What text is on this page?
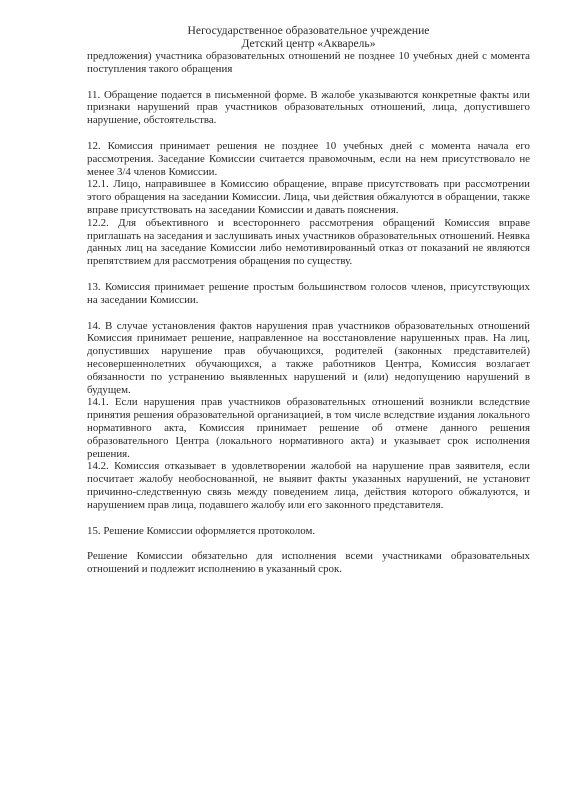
Негосударственное образовательное учреждение
Детский центр «Акварель»

предложения) участника образовательных отношений не позднее 10 учебных дней с момента поступления такого обращения

11. Обращение подается в письменной форме. В жалобе указываются конкретные факты или признаки нарушений прав участников образовательных отношений, лица, допустившего нарушение, обстоятельства.

12. Комиссия принимает решения не позднее 10 учебных дней с момента начала его рассмотрения. Заседание Комиссии считается правомочным, если на нем присутствовало не менее 3/4 членов Комиссии.

12.1. Лицо, направившее в Комиссию обращение, вправе присутствовать при рассмотрении этого обращения на заседании Комиссии. Лица, чьи действия обжалуются в обращении, также вправе присутствовать на заседании Комиссии и давать пояснения.

12.2. Для объективного и всестороннего рассмотрения обращений Комиссия вправе приглашать на заседания и заслушивать иных участников образовательных отношений. Неявка данных лиц на заседание Комиссии либо немотивированный отказ от показаний не являются препятствием для рассмотрения обращения по существу.

13. Комиссия принимает решение простым большинством голосов членов, присутствующих на заседании Комиссии.

14. В случае установления фактов нарушения прав участников образовательных отношений Комиссия принимает решение, направленное на восстановление нарушенных прав. На лиц, допустивших нарушение прав обучающихся, родителей (законных представителей) несовершеннолетних обучающихся, а также работников Центра, Комиссия возлагает обязанности по устранению выявленных нарушений и (или) недопущению нарушений в будущем.

14.1. Если нарушения прав участников образовательных отношений возникли вследствие принятия решения образовательной организацией, в том числе вследствие издания локального нормативного акта, Комиссия принимает решение об отмене данного решения образовательного Центра (локального нормативного акта) и указывает срок исполнения решения.

14.2. Комиссия отказывает в удовлетворении жалобой на нарушение прав заявителя, если посчитает жалобу необоснованной, не выявит факты указанных нарушений, не установит причинно-следственную связь между поведением лица, действия которого обжалуются, и нарушением прав лица, подавшего жалобу или его законного представителя.

15. Решение Комиссии оформляется протоколом.

Решение Комиссии обязательно для исполнения всеми участниками образовательных отношений и подлежит исполнению в указанный срок.
